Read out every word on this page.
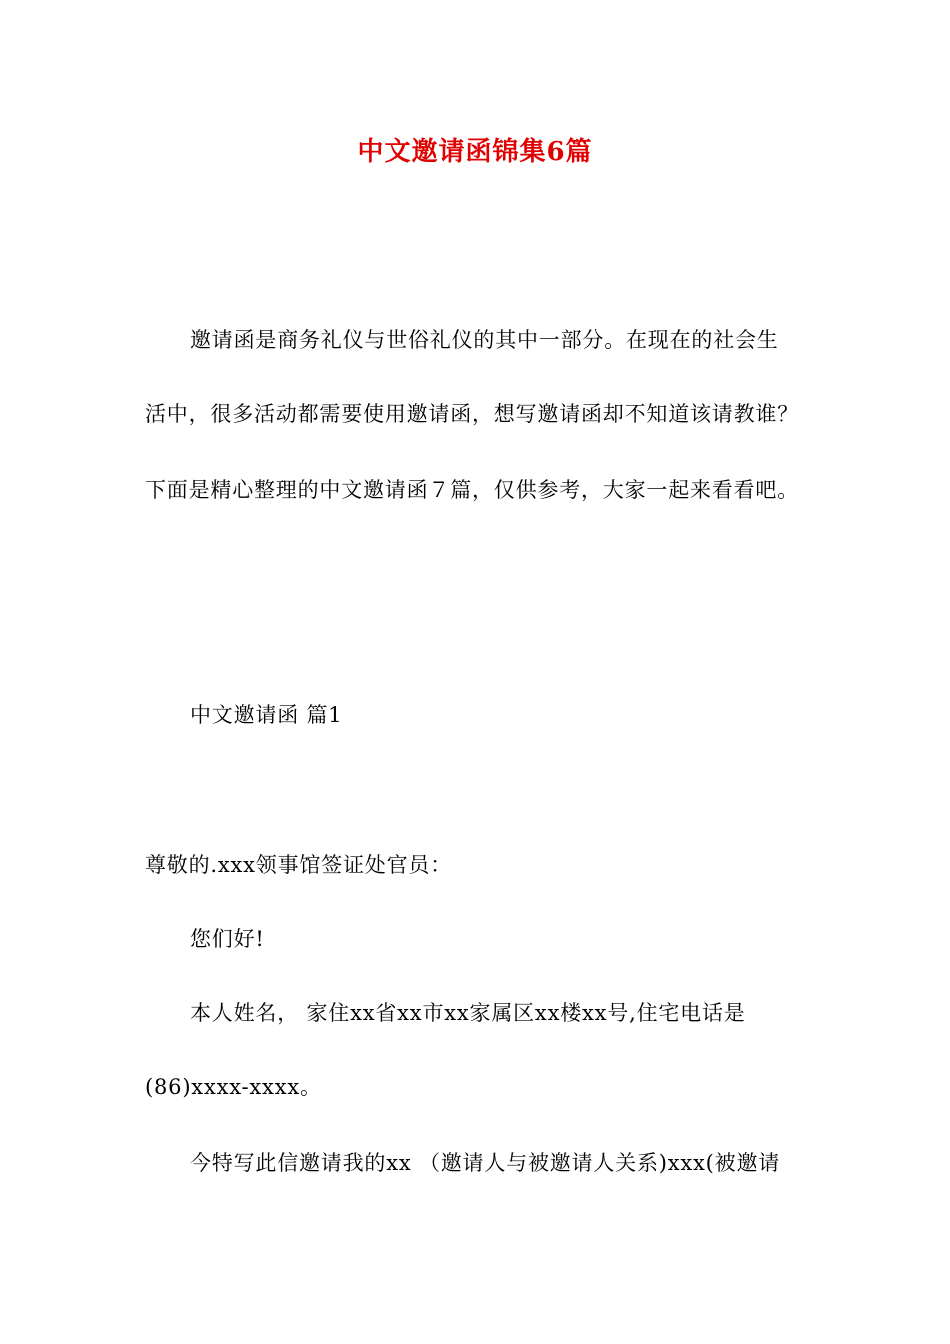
中文邀请函锦集6篇
邀请函是商务礼仪与世俗礼仪的其中一部分。在现在的社会生
活中，很多活动都需要使用邀请函，想写邀请函却不知道该请教谁？
下面是精心整理的中文邀请函７篇，仅供参考，大家一起来看看吧。
中文邀请函 篇1
尊敬的.xxx领事馆签证处官员：
您们好!
本人姓名， 家住xx省xx市xx家属区xx楼xx号,住宅电话是
(86)xxxx-xxxx。
今特写此信邀请我的xx （邀请人与被邀请人关系)xxx(被邀请
